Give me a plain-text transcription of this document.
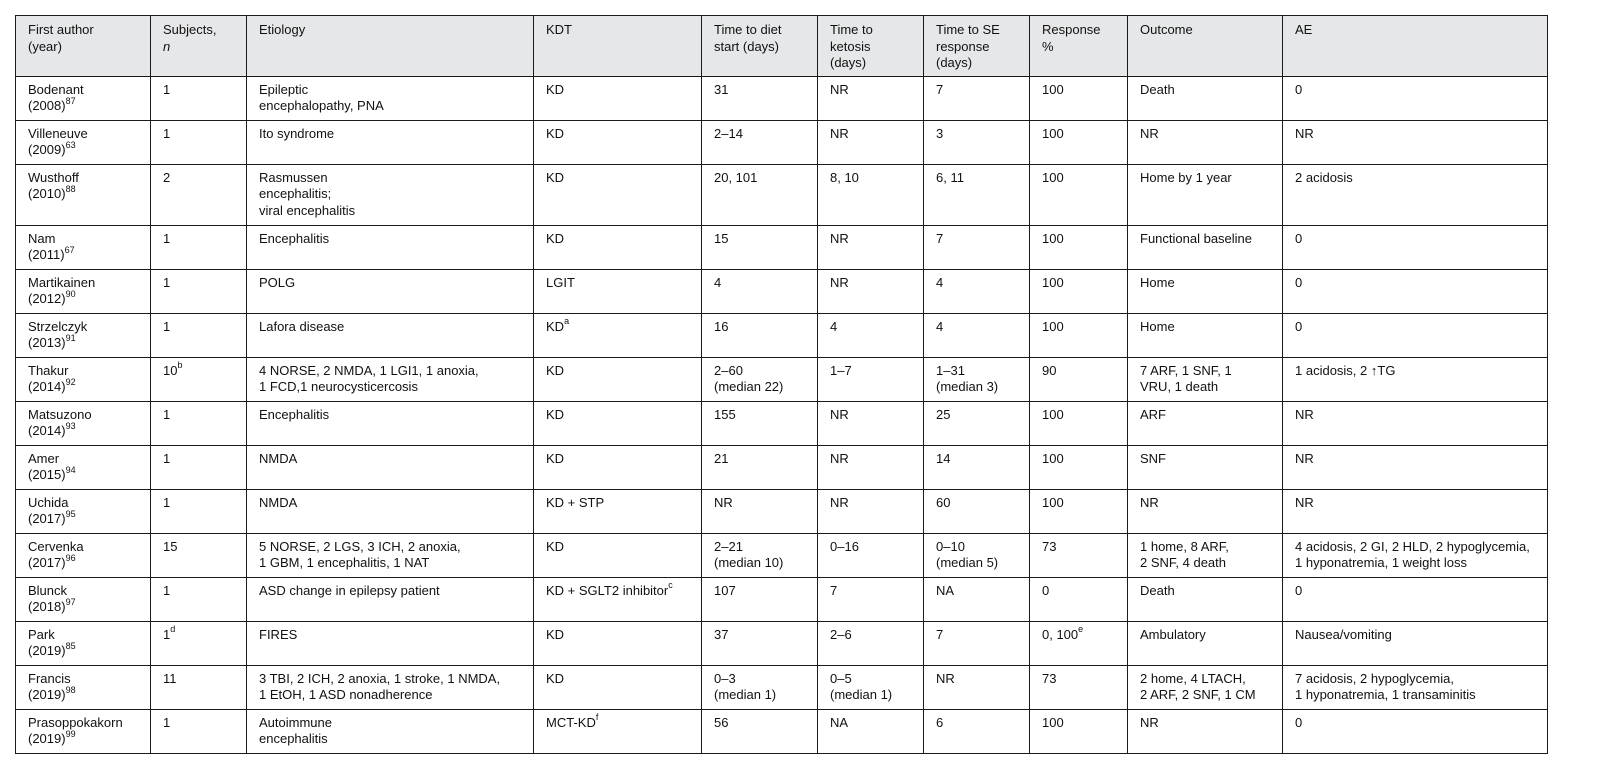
First author
(year)	Subjects,
n	Etiology	KDT	Time to diet
start (days)	Time to
ketosis
(days)	Time to SE
response
(days)	Response
%	Outcome	AE

Bodenant
$(2008)^{87}$	1	Epileptic
encephalopathy, PNA	KD	31	NR	7	100	Death	0

Villeneuve
$(2009)^{63}$	1	Ito syndrome	KD	2–14	NR	3	100	NR	NR

Wusthoff
$(2010)^{88}$	2	Rasmussen
encephalitis;
viral encephalitis	KD	20, 101	8, 10	6, 11	100	Home by 1 year	2 acidosis

Nam
$(2011)^{67}$	1	Encephalitis	KD	15	NR	7	100	Functional baseline	0

Martikainen
$(2012)^{90}$	1	POLG	LGIT	4	NR	4	100	Home	0

Strzelczyk
$(2013)^{91}$	1	Lafora disease	$KD^a$	16	4	4	100	Home	0

Thakur
$(2014)^{92}$	10$^b$	4 NORSE, 2 NMDA, 1 LGI1, 1 anoxia,
1 FCD,1 neurocysticercosis	KD	2–60
(median 22)	1–7	1–31
(median 3)	90	7 ARF, 1 SNF, 1
VRU, 1 death	1 acidosis, 2 ↑TG

Matsuzono
$(2014)^{93}$	1	Encephalitis	KD	155	NR	25	100	ARF	NR

Amer
$(2015)^{94}$	1	NMDA	KD	21	NR	14	100	SNF	NR

Uchida
$(2017)^{95}$	1	NMDA	KD + STP	NR	NR	60	100	NR	NR

Cervenka
$(2017)^{96}$	15	5 NORSE, 2 LGS, 3 ICH, 2 anoxia,
1 GBM, 1 encephalitis, 1 NAT	KD	2–21
(median 10)	0–16	0–10
(median 5)	73	1 home, 8 ARF,
2 SNF, 4 death	4 acidosis, 2 GI, 2 HLD, 2 hypoglycemia,
1 hyponatremia, 1 weight loss

Blunck
$(2018)^{97}$	1	ASD change in epilepsy patient	KD + SGLT2 inhibitor$^c$	107	7	NA	0	Death	0

Park
$(2019)^{85}$	1$^d$	FIRES	KD	37	2–6	7	0, 100e	Ambulatory	Nausea/vomiting

Francis
$(2019)^{98}$	11	3 TBI, 2 ICH, 2 anoxia, 1 stroke, 1 NMDA,
1 EtOH, 1 ASD nonadherence	KD	0–3
(median 1)	0–5
(median 1)	NR	73	2 home, 4 LTACH,
2 ARF, 2 SNF, 1 CM	7 acidosis, 2 hypoglycemia,
1 hyponatremia, 1 transaminitis

Prasoppokakorn
$(2019)^{99}$	1	Autoimmune
encephalitis	MCT-$KD^f$	56	NA	6	100	NR	0
